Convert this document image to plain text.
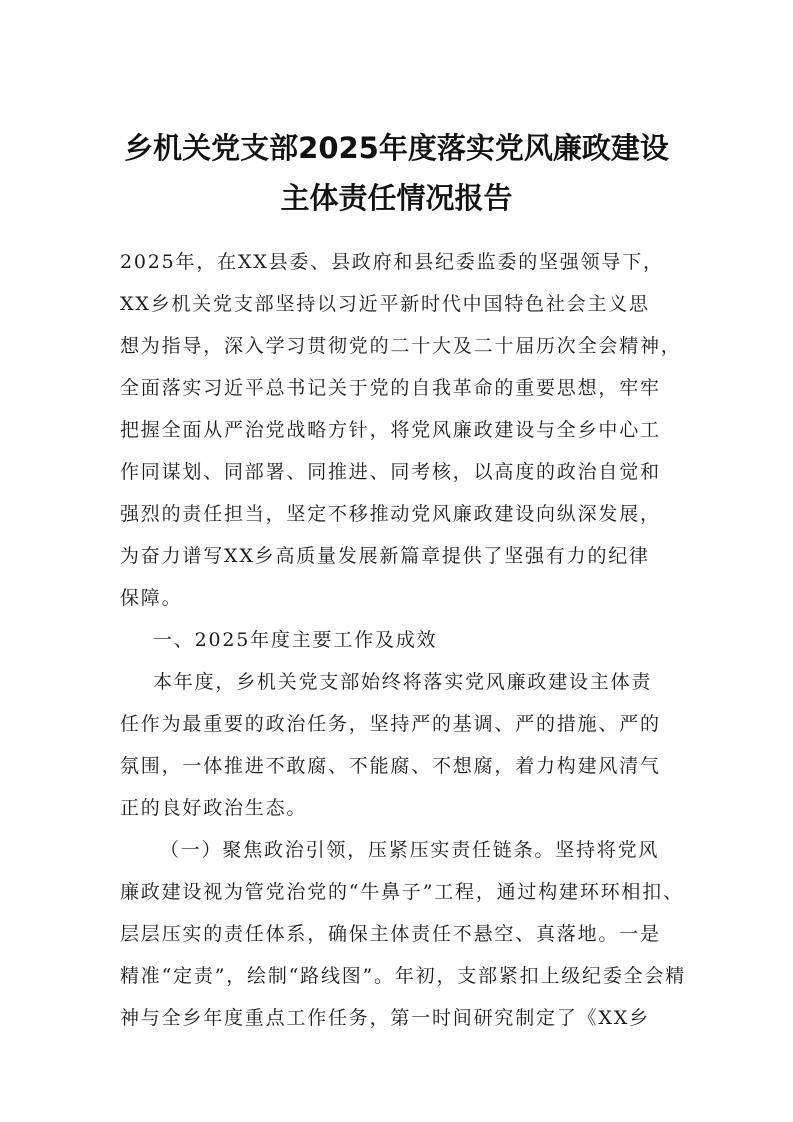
乡机关党支部2025年度落实党风廉政建设
主体责任情况报告
2025年，在XX县委、县政府和县纪委监委的坚强领导下，
XX乡机关党支部坚持以习近平新时代中国特色社会主义思
想为指导，深入学习贯彻党的二十大及二十届历次全会精神，
全面落实习近平总书记关于党的自我革命的重要思想，牢牢
把握全面从严治党战略方针，将党风廉政建设与全乡中心工
作同谋划、同部署、同推进、同考核，以高度的政治自觉和
强烈的责任担当，坚定不移推动党风廉政建设向纵深发展，
为奋力谱写XX乡高质量发展新篇章提供了坚强有力的纪律
保障。
一、2025年度主要工作及成效
本年度，乡机关党支部始终将落实党风廉政建设主体责
任作为最重要的政治任务，坚持严的基调、严的措施、严的
氛围，一体推进不敢腐、不能腐、不想腐，着力构建风清气
正的良好政治生态。
（一）聚焦政治引领，压紧压实责任链条。坚持将党风
廉政建设视为管党治党的“牛鼻子”工程，通过构建环环相扣、
层层压实的责任体系，确保主体责任不悬空、真落地。一是
精准“定责”，绘制“路线图”。年初，支部紧扣上级纪委全会精
神与全乡年度重点工作任务，第一时间研究制定了《XX乡
